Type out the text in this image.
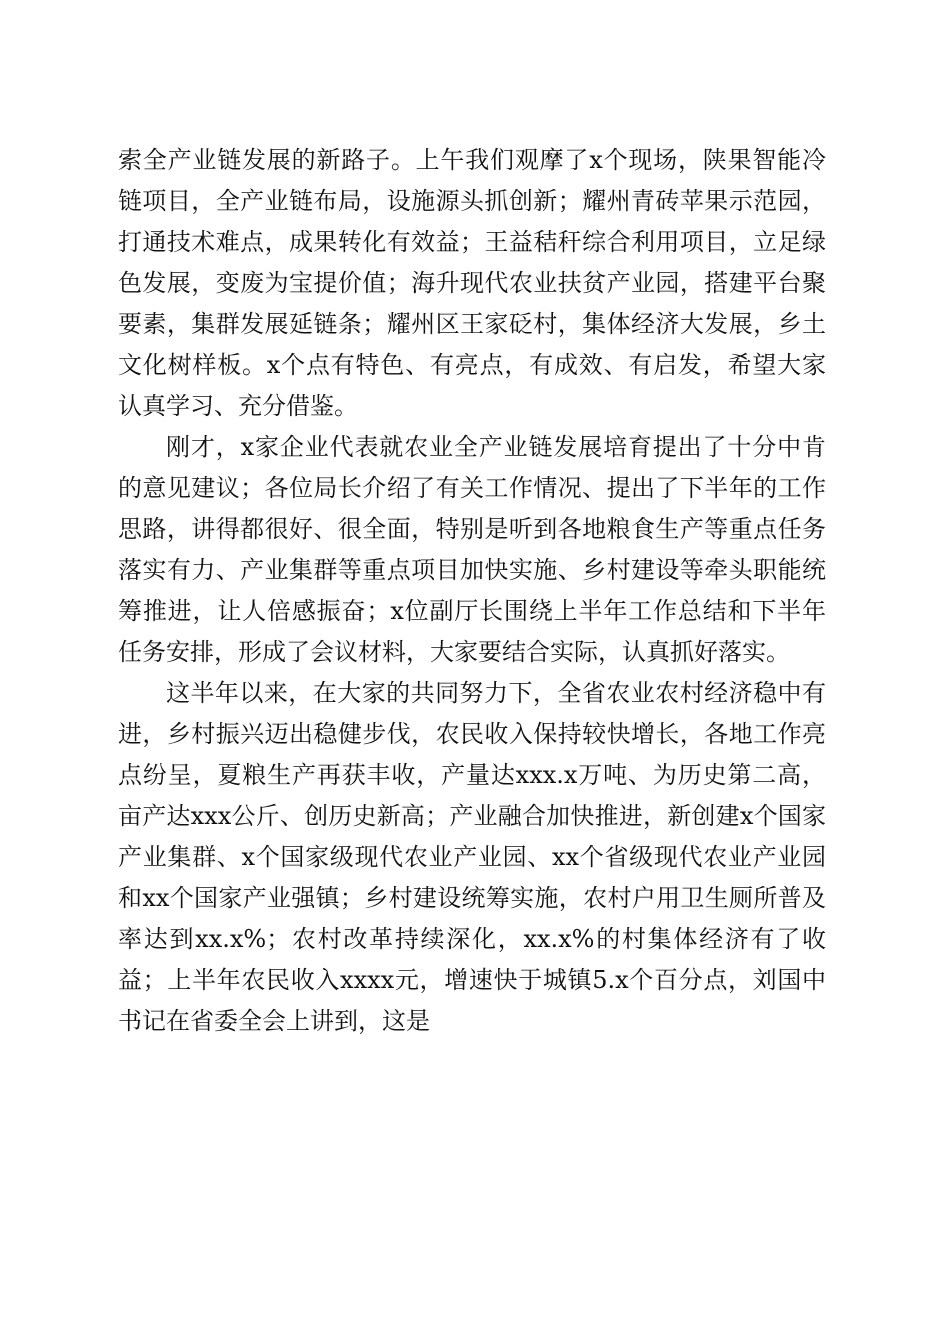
索全产业链发展的新路子。上午我们观摩了x个现场，陕果智能冷链项目，全产业链布局，设施源头抓创新；耀州青砖苹果示范园，打通技术难点，成果转化有效益；王益秸秆综合利用项目，立足绿色发展，变废为宝提价值；海升现代农业扶贫产业园，搭建平台聚要素，集群发展延链条；耀州区王家砭村，集体经济大发展，乡土文化树样板。x个点有特色、有亮点，有成效、有启发，希望大家认真学习、充分借鉴。

刚才，x家企业代表就农业全产业链发展培育提出了十分中肯的意见建议；各位局长介绍了有关工作情况、提出了下半年的工作思路，讲得都很好、很全面，特别是听到各地粮食生产等重点任务落实有力、产业集群等重点项目加快实施、乡村建设等牵头职能统筹推进，让人倍感振奋；x位副厅长围绕上半年工作总结和下半年任务安排，形成了会议材料，大家要结合实际，认真抓好落实。

这半年以来，在大家的共同努力下，全省农业农村经济稳中有进，乡村振兴迈出稳健步伐，农民收入保持较快增长，各地工作亮点纷呈，夏粮生产再获丰收，产量达xxx.x万吨、为历史第二高，亩产达xxx公斤、创历史新高；产业融合加快推进，新创建x个国家产业集群、x个国家级现代农业产业园、xx个省级现代农业产业园和xx个国家产业强镇；乡村建设统筹实施，农村户用卫生厕所普及率达到xx.x%；农村改革持续深化，xx.x%的村集体经济有了收益；上半年农民收入xxxx元，增速快于城镇5.x个百分点，刘国中书记在省委全会上讲到，这是
